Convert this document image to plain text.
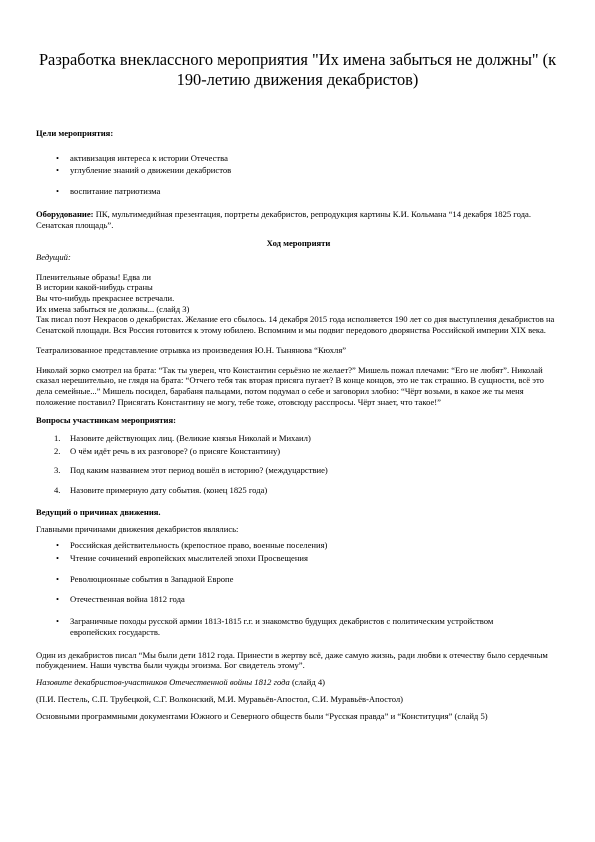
Разработка внеклассного мероприятия "Их имена забыться не должны" (к 190-летию движения декабристов)

Цели мероприятия:

• активизация интереса к истории Отечества
• углубление знаний о движении декабристов
• воспитание патриотизма

Оборудование: ПК, мультимедийная презентация, портреты декабристов, репродукция картины К.И. Кольмана “14 декабря 1825 года. Сенатская площадь”.

Ход мероприяти

Ведущий:

Пленительные образы! Едва ли

В истории какой-нибудь страны

Вы что-нибудь прекраснее встречали.

Их имена забыться не должны... (слайд 3)

Так писал поэт Некрасов о декабристах. Желание его сбылось. 14 декабря 2015 года исполняется 190 лет со дня выступления декабристов на Сенатской площади. Вся Россия готовится к этому юбилею. Вспомним и мы подвиг передового дворянства Российской империи XIX века.

Театрализованное представление отрывка из произведения Ю.Н. Тынянова “Кюхля”

Николай зорко смотрел на брата: “Так ты уверен, что Константин серьёзно не желает?” Мишель пожал плечами: “Его не любят”. Николай сказал нерешительно, не глядя на брата: “Отчего тебя так вторая присяга пугает? В конце концов, это не так страшно. В сущности, всё это дела семейные...” Мишель посидел, барабаня пальцами, потом подумал о себе и заговорил злобно: “Чёрт возьми, в какое же ты меня положение поставил? Присягать Константину не могу, тебе тоже, отовсюду расспросы. Чёрт знает, что такое!”

Вопросы участникам мероприятия:

1. Назовите действующих лиц. (Великие князья Николай и Михаил)
2. О чём идёт речь в их разговоре? (о присяге Константину)
3. Под каким названием этот период вошёл в историю? (междуцарствие)
4. Назовите примерную дату события. (конец 1825 года)

Ведущий о причинах движения.

Главными причинами движения декабристов являлись:

• Российская действительность (крепостное право, военные поселения)
• Чтение сочинений европейских мыслителей эпохи Просвещения
• Революционные события в Западной Европе
• Отечественная война 1812 года
• Заграничные походы русской армии 1813-1815 г.г. и знакомство будущих декабристов с политическим устройством европейских государств.

Один из декабристов писал “Мы были дети 1812 года. Принести в жертву всё, даже самую жизнь, ради любви к отечеству было сердечным побуждением. Наши чувства были чужды эгоизма. Бог свидетель этому”.

Назовите декабристов-участников Отечественной войны 1812 года (слайд 4)

(П.И. Пестель, С.П. Трубецкой, С.Г. Волконский, М.И. Муравьёв-Апостол, С.И. Муравьёв-Апостол)

Основными программными документами Южного и Северного обществ были “Русская правда” и “Конституция” (слайд 5)
